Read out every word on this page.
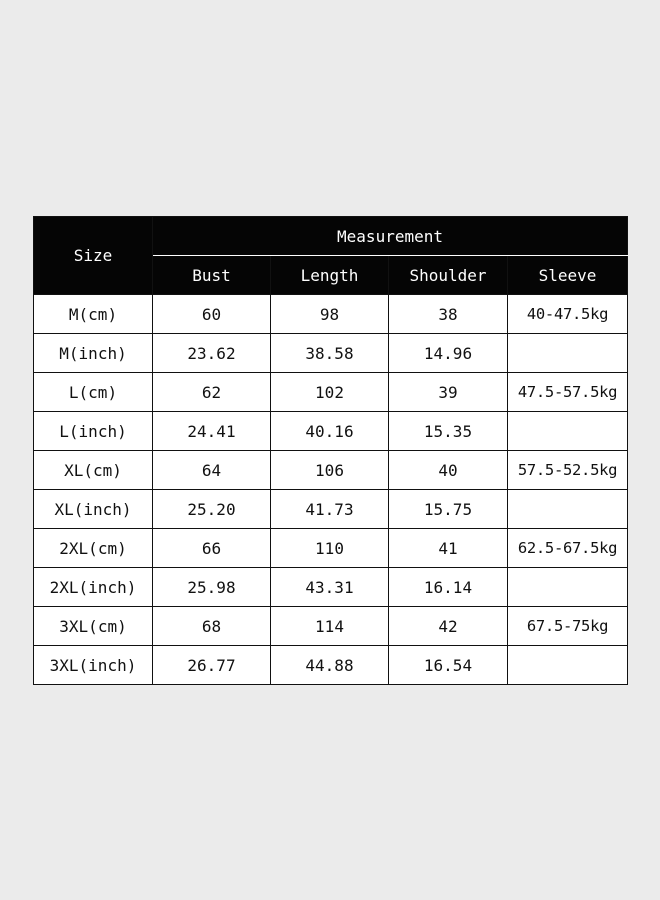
Size	Measurement			
	Bust	Length	Shoulder	Sleeve
M(cm)	60	98	38	40-47.5kg
M(inch)	23.62	38.58	14.96	
L(cm)	62	102	39	47.5-57.5kg
L(inch)	24.41	40.16	15.35	
XL(cm)	64	106	40	57.5-52.5kg
XL(inch)	25.20	41.73	15.75	
2XL(cm)	66	110	41	62.5-67.5kg
2XL(inch)	25.98	43.31	16.14	
3XL(cm)	68	114	42	67.5-75kg
3XL(inch)	26.77	44.88	16.54	
